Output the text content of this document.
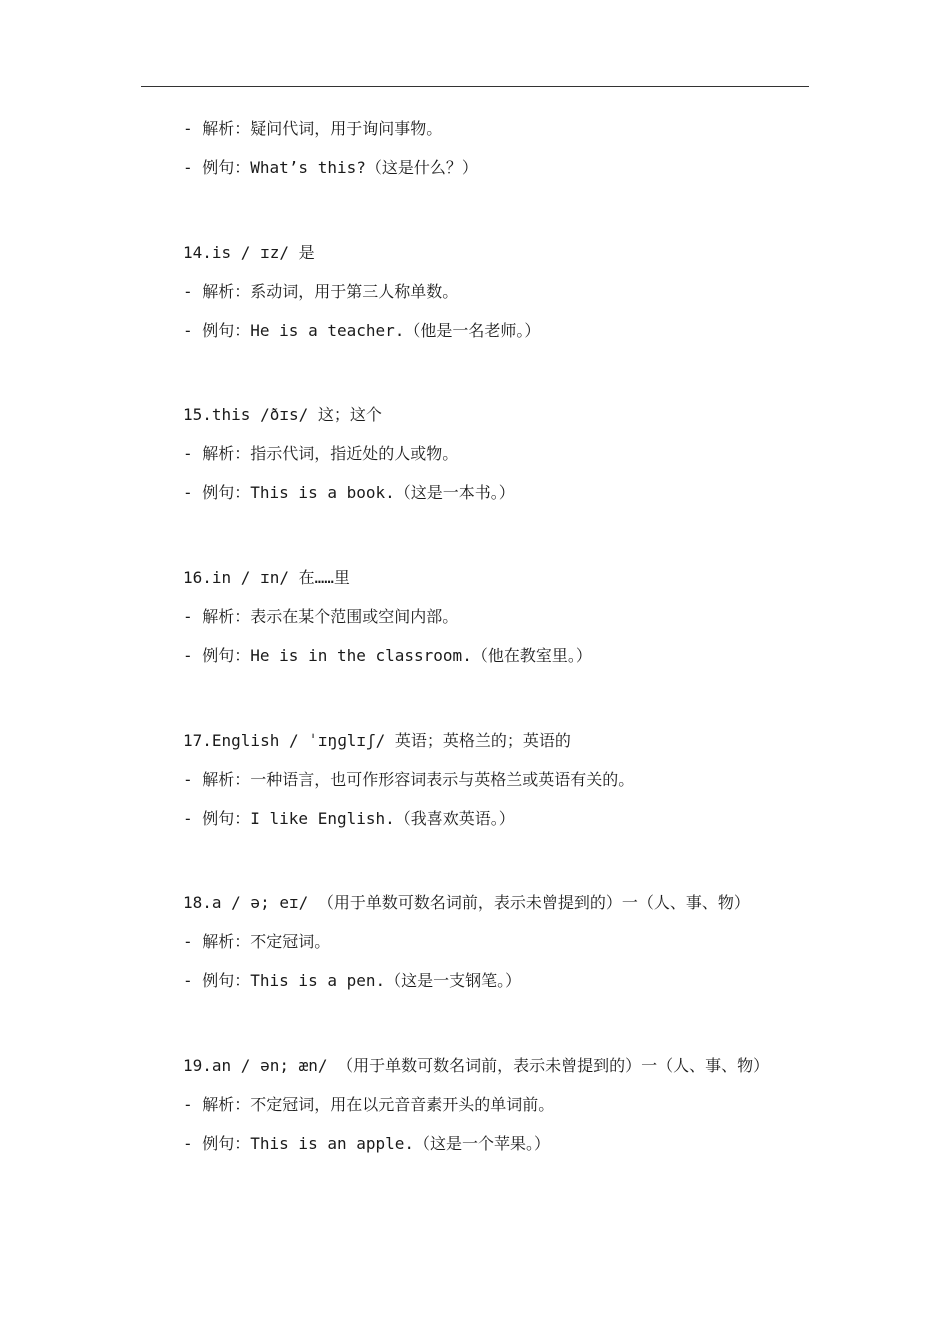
- 解析：疑问代词，用于询问事物。
- 例句：What’s this?（这是什么？）
14.is / ɪz/ 是
- 解析：系动词，用于第三人称单数。
- 例句：He is a teacher.（他是一名老师。）
15.this /ðɪs/ 这；这个
- 解析：指示代词，指近处的人或物。
- 例句：This is a book.（这是一本书。）
16.in / ɪn/ 在……里
- 解析：表示在某个范围或空间内部。
- 例句：He is in the classroom.（他在教室里。）
17.English / ˈɪŋɡlɪʃ/ 英语；英格兰的；英语的
- 解析：一种语言，也可作形容词表示与英格兰或英语有关的。
- 例句：I like English.（我喜欢英语。）
18.a / ə; eɪ/ （用于单数可数名词前，表示未曾提到的）一（人、事、物）
- 解析：不定冠词。
- 例句：This is a pen.（这是一支钢笔。）
19.an / ən; æn/ （用于单数可数名词前，表示未曾提到的）一（人、事、物）
- 解析：不定冠词，用在以元音音素开头的单词前。
- 例句：This is an apple.（这是一个苹果。）
